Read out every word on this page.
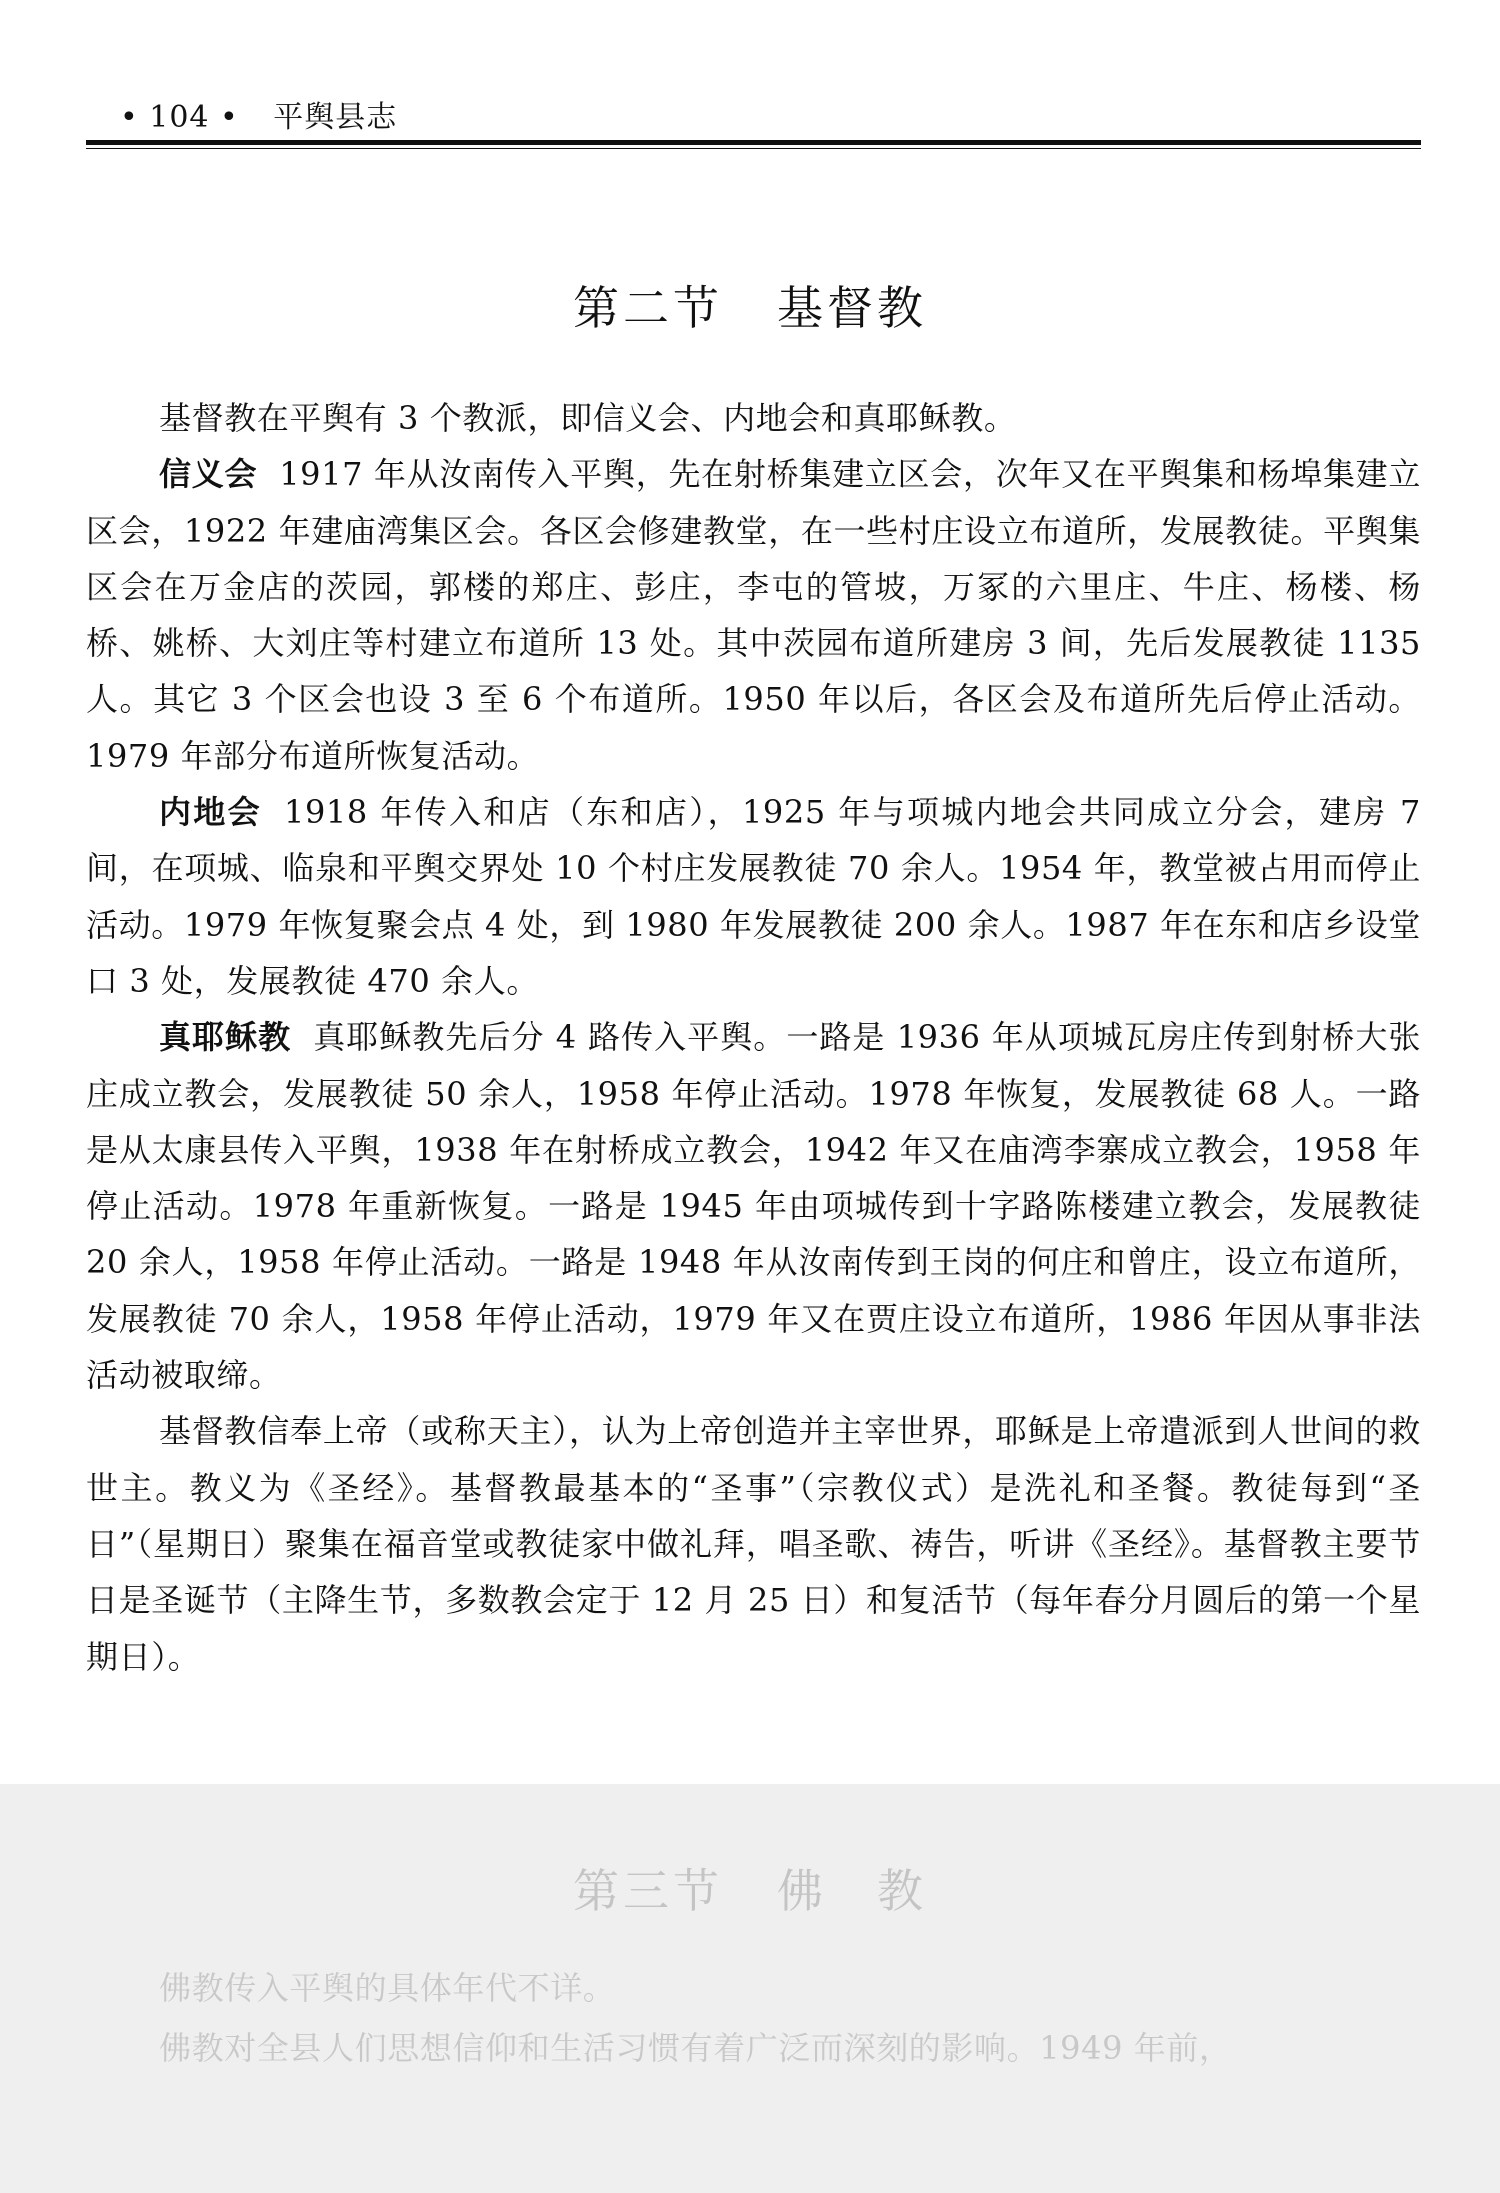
• 104 • 平舆县志
第二节 基督教

基督教在平舆有 3 个教派，即信义会、内地会和真耶稣教。

信义会 1917 年从汝南传入平舆，先在射桥集建立区会，次年又在平舆集和杨埠集建立区会，1922 年建庙湾集区会。各区会修建教堂，在一些村庄设立布道所，发展教徒。平舆集区会在万金店的茨园，郭楼的郑庄、彭庄，李屯的管坡，万冢的六里庄、牛庄、杨楼、杨桥、姚桥、大刘庄等村建立布道所 13 处。其中茨园布道所建房 3 间，先后发展教徒 1135 人。其它 3 个区会也设 3 至 6 个布道所。1950 年以后，各区会及布道所先后停止活动。1979 年部分布道所恢复活动。

内地会 1918 年传入和店（东和店），1925 年与项城内地会共同成立分会，建房 7 间，在项城、临泉和平舆交界处 10 个村庄发展教徒 70 余人。1954 年，教堂被占用而停止活动。1979 年恢复聚会点 4 处，到 1980 年发展教徒 200 余人。1987 年在东和店乡设堂口 3 处，发展教徒 470 余人。

真耶稣教 真耶稣教先后分 4 路传入平舆。一路是 1936 年从项城瓦房庄传到射桥大张庄成立教会，发展教徒 50 余人，1958 年停止活动。1978 年恢复，发展教徒 68 人。一路是从太康县传入平舆，1938 年在射桥成立教会，1942 年又在庙湾李寨成立教会，1958 年停止活动。1978 年重新恢复。一路是 1945 年由项城传到十字路陈楼建立教会，发展教徒 20 余人，1958 年停止活动。一路是 1948 年从汝南传到王岗的何庄和曾庄，设立布道所，发展教徒 70 余人，1958 年停止活动，1979 年又在贾庄设立布道所，1986 年因从事非法活动被取缔。

基督教信奉上帝（或称天主），认为上帝创造并主宰世界，耶稣是上帝遣派到人世间的救世主。教义为《圣经》。基督教最基本的“圣事”（宗教仪式）是洗礼和圣餐。教徒每到“圣日”（星期日）聚集在福音堂或教徒家中做礼拜，唱圣歌、祷告，听讲《圣经》。基督教主要节日是圣诞节（主降生节，多数教会定于 12 月 25 日）和复活节（每年春分月圆后的第一个星期日）。

第三节 佛　教

佛教传入平舆的具体年代不详。

佛教对全县人们思想信仰和生活习惯有着广泛而深刻的影响。1949 年前，
